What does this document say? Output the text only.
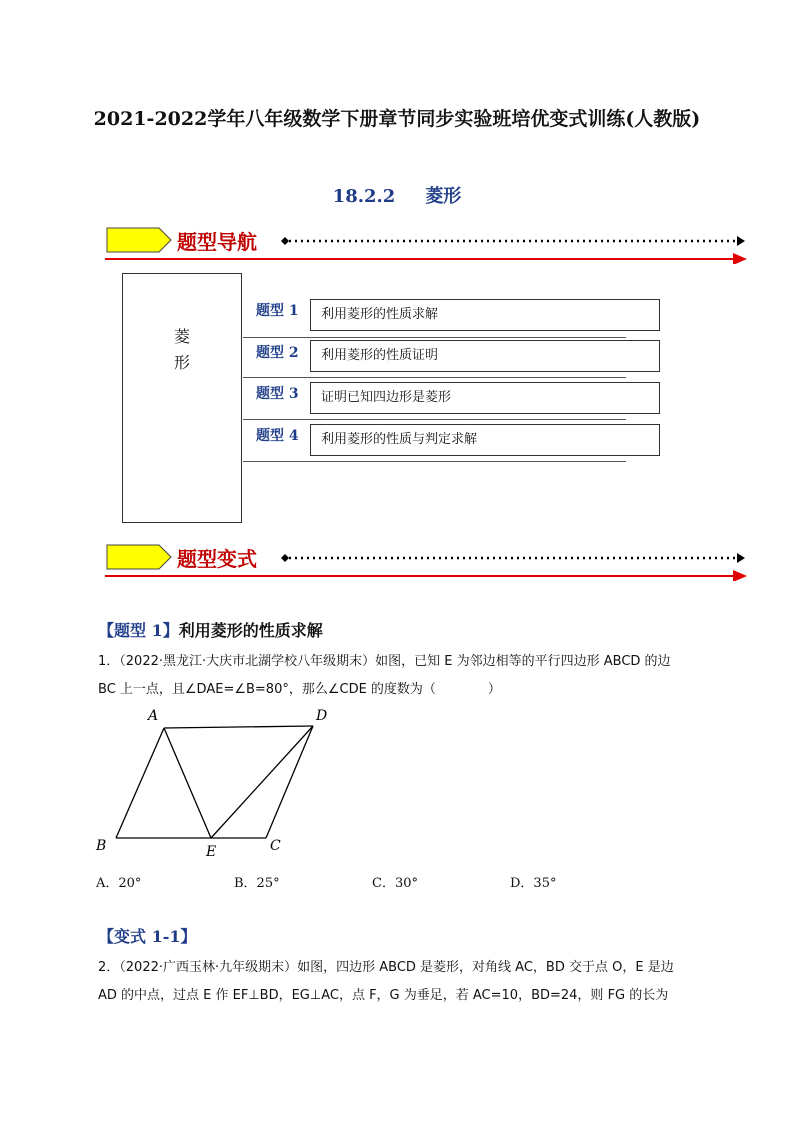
2021-2022学年八年级数学下册章节同步实验班培优变式训练(人教版)
18.2.2 菱形
题型导航
菱
形
题型 1	利用菱形的性质求解
题型 2	利用菱形的性质证明
题型 3	证明已知四边形是菱形
题型 4	利用菱形的性质与判定求解
题型变式
【题型 1】利用菱形的性质求解
1．（2022·黑龙江·大庆市北湖学校八年级期末）如图，已知 E 为邻边相等的平行四边形 ABCD 的边
BC 上一点，且∠DAE=∠B=80°，那么∠CDE 的度数为（　　　　）
A	D
B	E	C
A．20°	B．25°	C．30°	D．35°
【变式 1-1】
2．（2022·广西玉林·九年级期末）如图，四边形 ABCD 是菱形，对角线 AC，BD 交于点 O，E 是边
AD 的中点，过点 E 作 EF⊥BD，EG⊥AC，点 F，G 为垂足，若 AC=10，BD=24，则 FG 的长为
